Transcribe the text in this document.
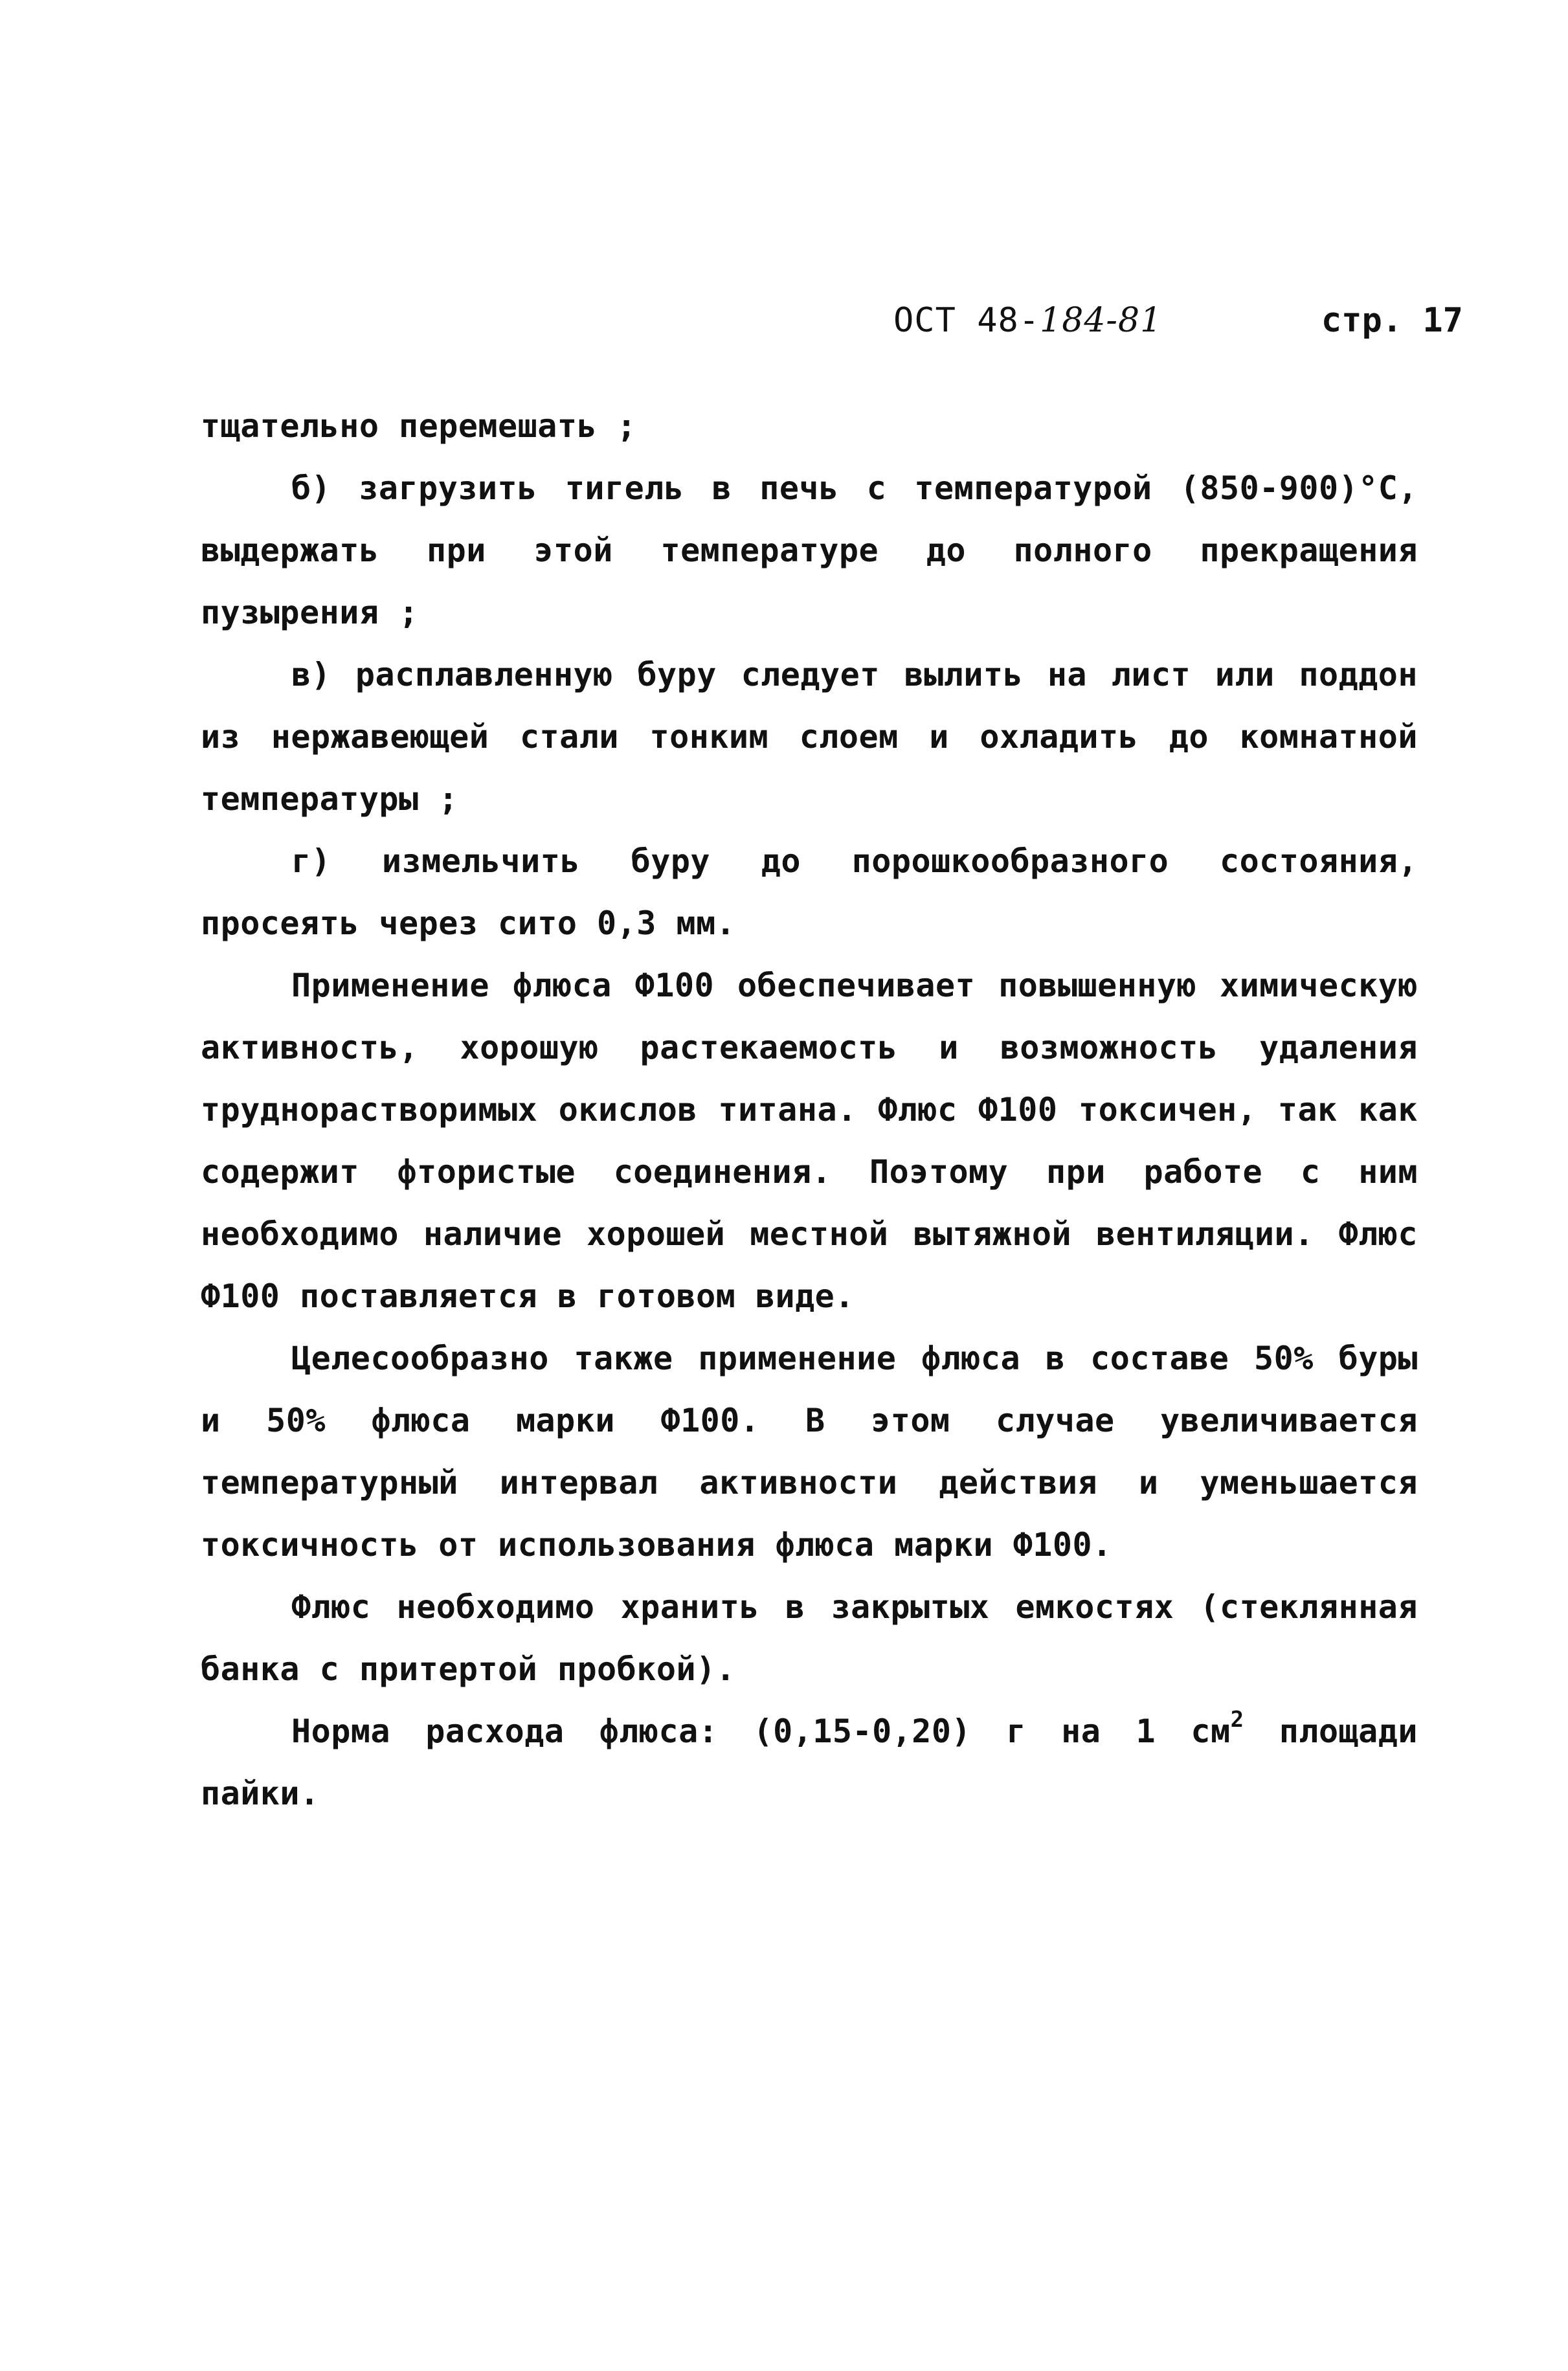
ОСТ 48-184-81	стр. 17

тщательно перемешать ;

б) загрузить тигель в печь с температурой (850-900)°С, выдержать при этой температуре до полного прекращения пузырения ;

в) расплавленную буру следует вылить на лист или поддон из нержавеющей стали тонким слоем и охладить до комнатной температуры ;

г) измельчить буру до порошкообразного состояния, просеять через сито 0,3 мм.

Применение флюса Ф100 обеспечивает повышенную химическую активность, хорошую растекаемость и возможность удаления труднорастворимых окислов титана. Флюс Ф100 токсичен, так как содержит фтористые соединения. Поэтому при работе с ним необходимо наличие хорошей местной вытяжной вентиляции. Флюс Ф100 поставляется в готовом виде.

Целесообразно также применение флюса в составе 50% буры и 50% флюса марки Ф100. В этом случае увеличивается температурный интервал активности действия и уменьшается токсичность от использования флюса марки Ф100.

Флюс необходимо хранить в закрытых емкостях (стеклянная банка с притертой пробкой).

Норма расхода флюса: (0,15-0,20) г на 1 $см^2$ площади пайки.
